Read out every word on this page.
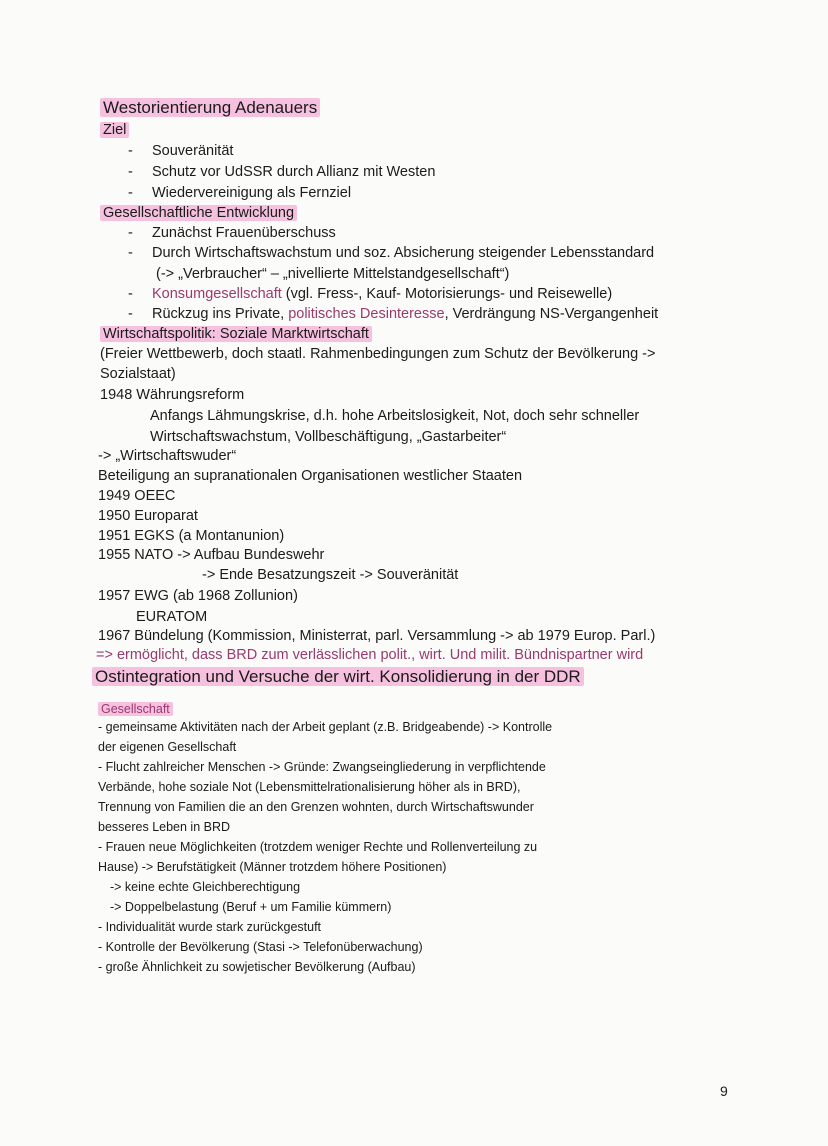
Westorientierung Adenauers
Ziel
- Souveränität
- Schutz vor UdSSR durch Allianz mit Westen
- Wiedervereinigung als Fernziel
Gesellschaftliche Entwicklung
- Zunächst Frauenüberschuss
- Durch Wirtschaftswachstum und soz. Absicherung steigender Lebensstandard
(-> „Verbraucher“ – „nivellierte Mittelstandgesellschaft“)
- Konsumgesellschaft (vgl. Fress-, Kauf- Motorisierungs- und Reisewelle)
- Rückzug ins Private, politisches Desinteresse, Verdrängung NS-Vergangenheit
Wirtschaftspolitik: Soziale Marktwirtschaft
(Freier Wettbewerb, doch staatl. Rahmenbedingungen zum Schutz der Bevölkerung ->
Sozialstaat)
1948 Währungsreform
Anfangs Lähmungskrise, d.h. hohe Arbeitslosigkeit, Not, doch sehr schneller
Wirtschaftswachstum, Vollbeschäftigung, „Gastarbeiter“
-> „Wirtschaftswuder“
Beteiligung an supranationalen Organisationen westlicher Staaten
1949 OEEC
1950 Europarat
1951 EGKS (a Montanunion)
1955 NATO -> Aufbau Bundeswehr
-> Ende Besatzungszeit -> Souveränität
1957 EWG (ab 1968 Zollunion)
EURATOM
1967 Bündelung (Kommission, Ministerrat, parl. Versammlung -> ab 1979 Europ. Parl.)
=> ermöglicht, dass BRD zum verlässlichen polit., wirt. Und milit. Bündnispartner wird
Ostintegration und Versuche der wirt. Konsolidierung in der DDR
Gesellschaft
- gemeinsame Aktivitäten nach der Arbeit geplant (z.B. Bridgeabende) -> Kontrolle
der eigenen Gesellschaft
- Flucht zahlreicher Menschen -> Gründe: Zwangseingliederung in verpflichtende
Verbände, hohe soziale Not (Lebensmittelrationalisierung höher als in BRD),
Trennung von Familien die an den Grenzen wohnten, durch Wirtschaftswunder
besseres Leben in BRD
- Frauen neue Möglichkeiten (trotzdem weniger Rechte und Rollenverteilung zu
Hause) -> Berufstätigkeit (Männer trotzdem höhere Positionen)
-> keine echte Gleichberechtigung
-> Doppelbelastung (Beruf + um Familie kümmern)
- Individualität wurde stark zurückgestuft
- Kontrolle der Bevölkerung (Stasi -> Telefonüberwachung)
- große Ähnlichkeit zu sowjetischer Bevölkerung (Aufbau)
9
